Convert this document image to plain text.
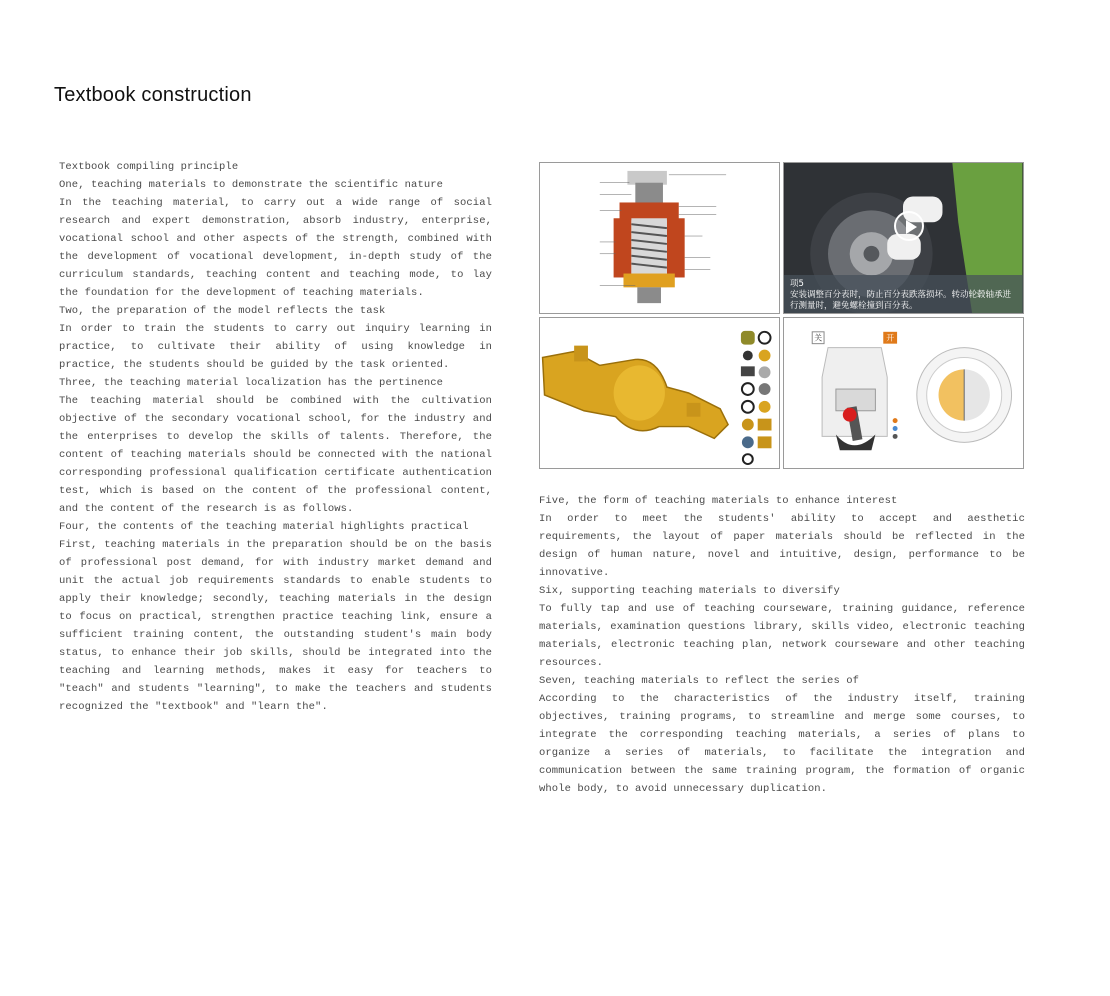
Textbook construction

Textbook compiling principle

One, teaching materials to demonstrate the scientific nature

In the teaching material, to carry out a wide range of social research and expert demonstration, absorb industry, enterprise, vocational school and other aspects of the strength, combined with the development of vocational development, in-depth study of the curriculum standards, teaching content and teaching mode, to lay the foundation for the development of teaching materials.

Two, the preparation of the model reflects the task

In order to train the students to carry out inquiry learning in practice, to cultivate their ability of using knowledge in practice, the students should be guided by the task oriented.

Three, the teaching material localization has the pertinence

The teaching material should be combined with the cultivation objective of the secondary vocational school, for the industry and the enterprises to develop the skills of talents. Therefore, the content of teaching materials should be connected with the national corresponding professional qualification certificate authentication test, which is based on the content of the professional content, and the content of the research is as follows.

Four, the contents of the teaching material highlights practical

First, teaching materials in the preparation should be on the basis of professional post demand, for with industry market demand and unit the actual job requirements standards to enable students to apply their knowledge; secondly, teaching materials in the design to focus on practical, strengthen practice teaching link, ensure a sufficient training content, the outstanding student's main body status, to enhance their job skills, should be integrated into the teaching and learning methods, makes it easy for teachers to "teach" and students "learning", to make the teachers and students recognized the "textbook" and "learn the".

项5
安装调整百分表时，防止百分表跌落损坏。转动轮毂轴承进行测量时，避免螺栓撞到百分表。
关	开

Five, the form of teaching materials to enhance interest

In order to meet the students' ability to accept and aesthetic requirements, the layout of paper materials should be reflected in the design of human nature, novel and intuitive, design, performance to be innovative.

Six, supporting teaching materials to diversify

To fully tap and use of teaching courseware, training guidance, reference materials, examination questions library, skills video, electronic teaching materials, electronic teaching plan, network courseware and other teaching resources.

Seven, teaching materials to reflect the series of

According to the characteristics of the industry itself, training objectives, training programs, to streamline and merge some courses, to integrate the corresponding teaching materials, a series of plans to organize a series of materials, to facilitate the integration and communication between the same training program, the formation of organic whole body, to avoid unnecessary duplication.
